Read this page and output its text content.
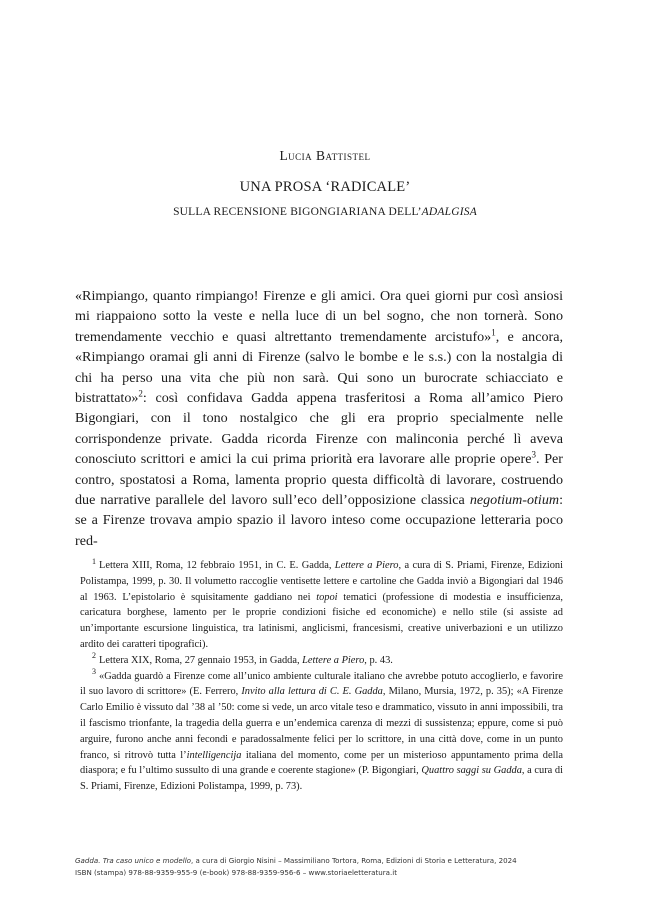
Lucia Battistel
UNA PROSA ‘RADICALE’
SULLA RECENSIONE BIGONGIARIANA DELL’ADALGISA

«Rimpiango, quanto rimpiango! Firenze e gli amici. Ora quei giorni pur così ansiosi mi riappaiono sotto la veste e nella luce di un bel sogno, che non tornerà. Sono tremendamente vecchio e quasi altrettanto tremendamente arcistufo»$^1$, e ancora, «Rimpiango oramai gli anni di Firenze (salvo le bombe e le s.s.) con la nostalgia di chi ha perso una vita che più non sarà. Qui sono un burocrate schiacciato e bistrattato»$^2$: così confidava Gadda appena trasferitosi a Roma all’amico Piero Bigongiari, con il tono nostalgico che gli era proprio specialmente nelle corrispondenze private. Gadda ricorda Firenze con malinconia perché lì aveva conosciuto scrittori e amici la cui prima priorità era lavorare alle proprie opere$^3$. Per contro, spostatosi a Roma, lamenta proprio questa difficoltà di lavorare, costruendo due narrative parallele del lavoro sull’eco dell’opposizione classica negotium-otium: se a Firenze trovava ampio spazio il lavoro inteso come occupazione letteraria poco red-

$^1$ Lettera XIII, Roma, 12 febbraio 1951, in C. E. Gadda, Lettere a Piero, a cura di S. Priami, Firenze, Edizioni Polistampa, 1999, p. 30. Il volumetto raccoglie ventisette lettere e cartoline che Gadda inviò a Bigongiari dal 1946 al 1963. L’epistolario è squisitamente gaddiano nei topoi tematici (professione di modestia e insufficienza, caricatura borghese, lamento per le proprie condizioni fisiche ed economiche) e nello stile (si assiste ad un’importante escursione linguistica, tra latinismi, anglicismi, francesismi, creative univerbazioni e un utilizzo ardito dei caratteri tipografici).

$^2$ Lettera XIX, Roma, 27 gennaio 1953, in Gadda, Lettere a Piero, p. 43.

$^3$ «Gadda guardò a Firenze come all’unico ambiente culturale italiano che avrebbe potuto accoglierlo, e favorire il suo lavoro di scrittore» (E. Ferrero, Invito alla lettura di C. E. Gadda, Milano, Mursia, 1972, p. 35); «A Firenze Carlo Emilio è vissuto dal ’38 al ’50: come si vede, un arco vitale teso e drammatico, vissuto in anni impossibili, tra il fascismo trionfante, la tragedia della guerra e un’endemica carenza di mezzi di sussistenza; eppure, come si può arguire, furono anche anni fecondi e paradossalmente felici per lo scrittore, in una città dove, come in un punto franco, si ritrovò tutta l’intelligencija italiana del momento, come per un misterioso appuntamento prima della diaspora; e fu l’ultimo sussulto di una grande e coerente stagione» (P. Bigongiari, Quattro saggi su Gadda, a cura di S. Priami, Firenze, Edizioni Polistampa, 1999, p. 73).

Gadda. Tra caso unico e modello, a cura di Giorgio Nisini – Massimiliano Tortora, Roma, Edizioni di Storia e Letteratura, 2024
ISBN (stampa) 978-88-9359-955-9 (e-book) 978-88-9359-956-6 – www.storiaeletteratura.it
